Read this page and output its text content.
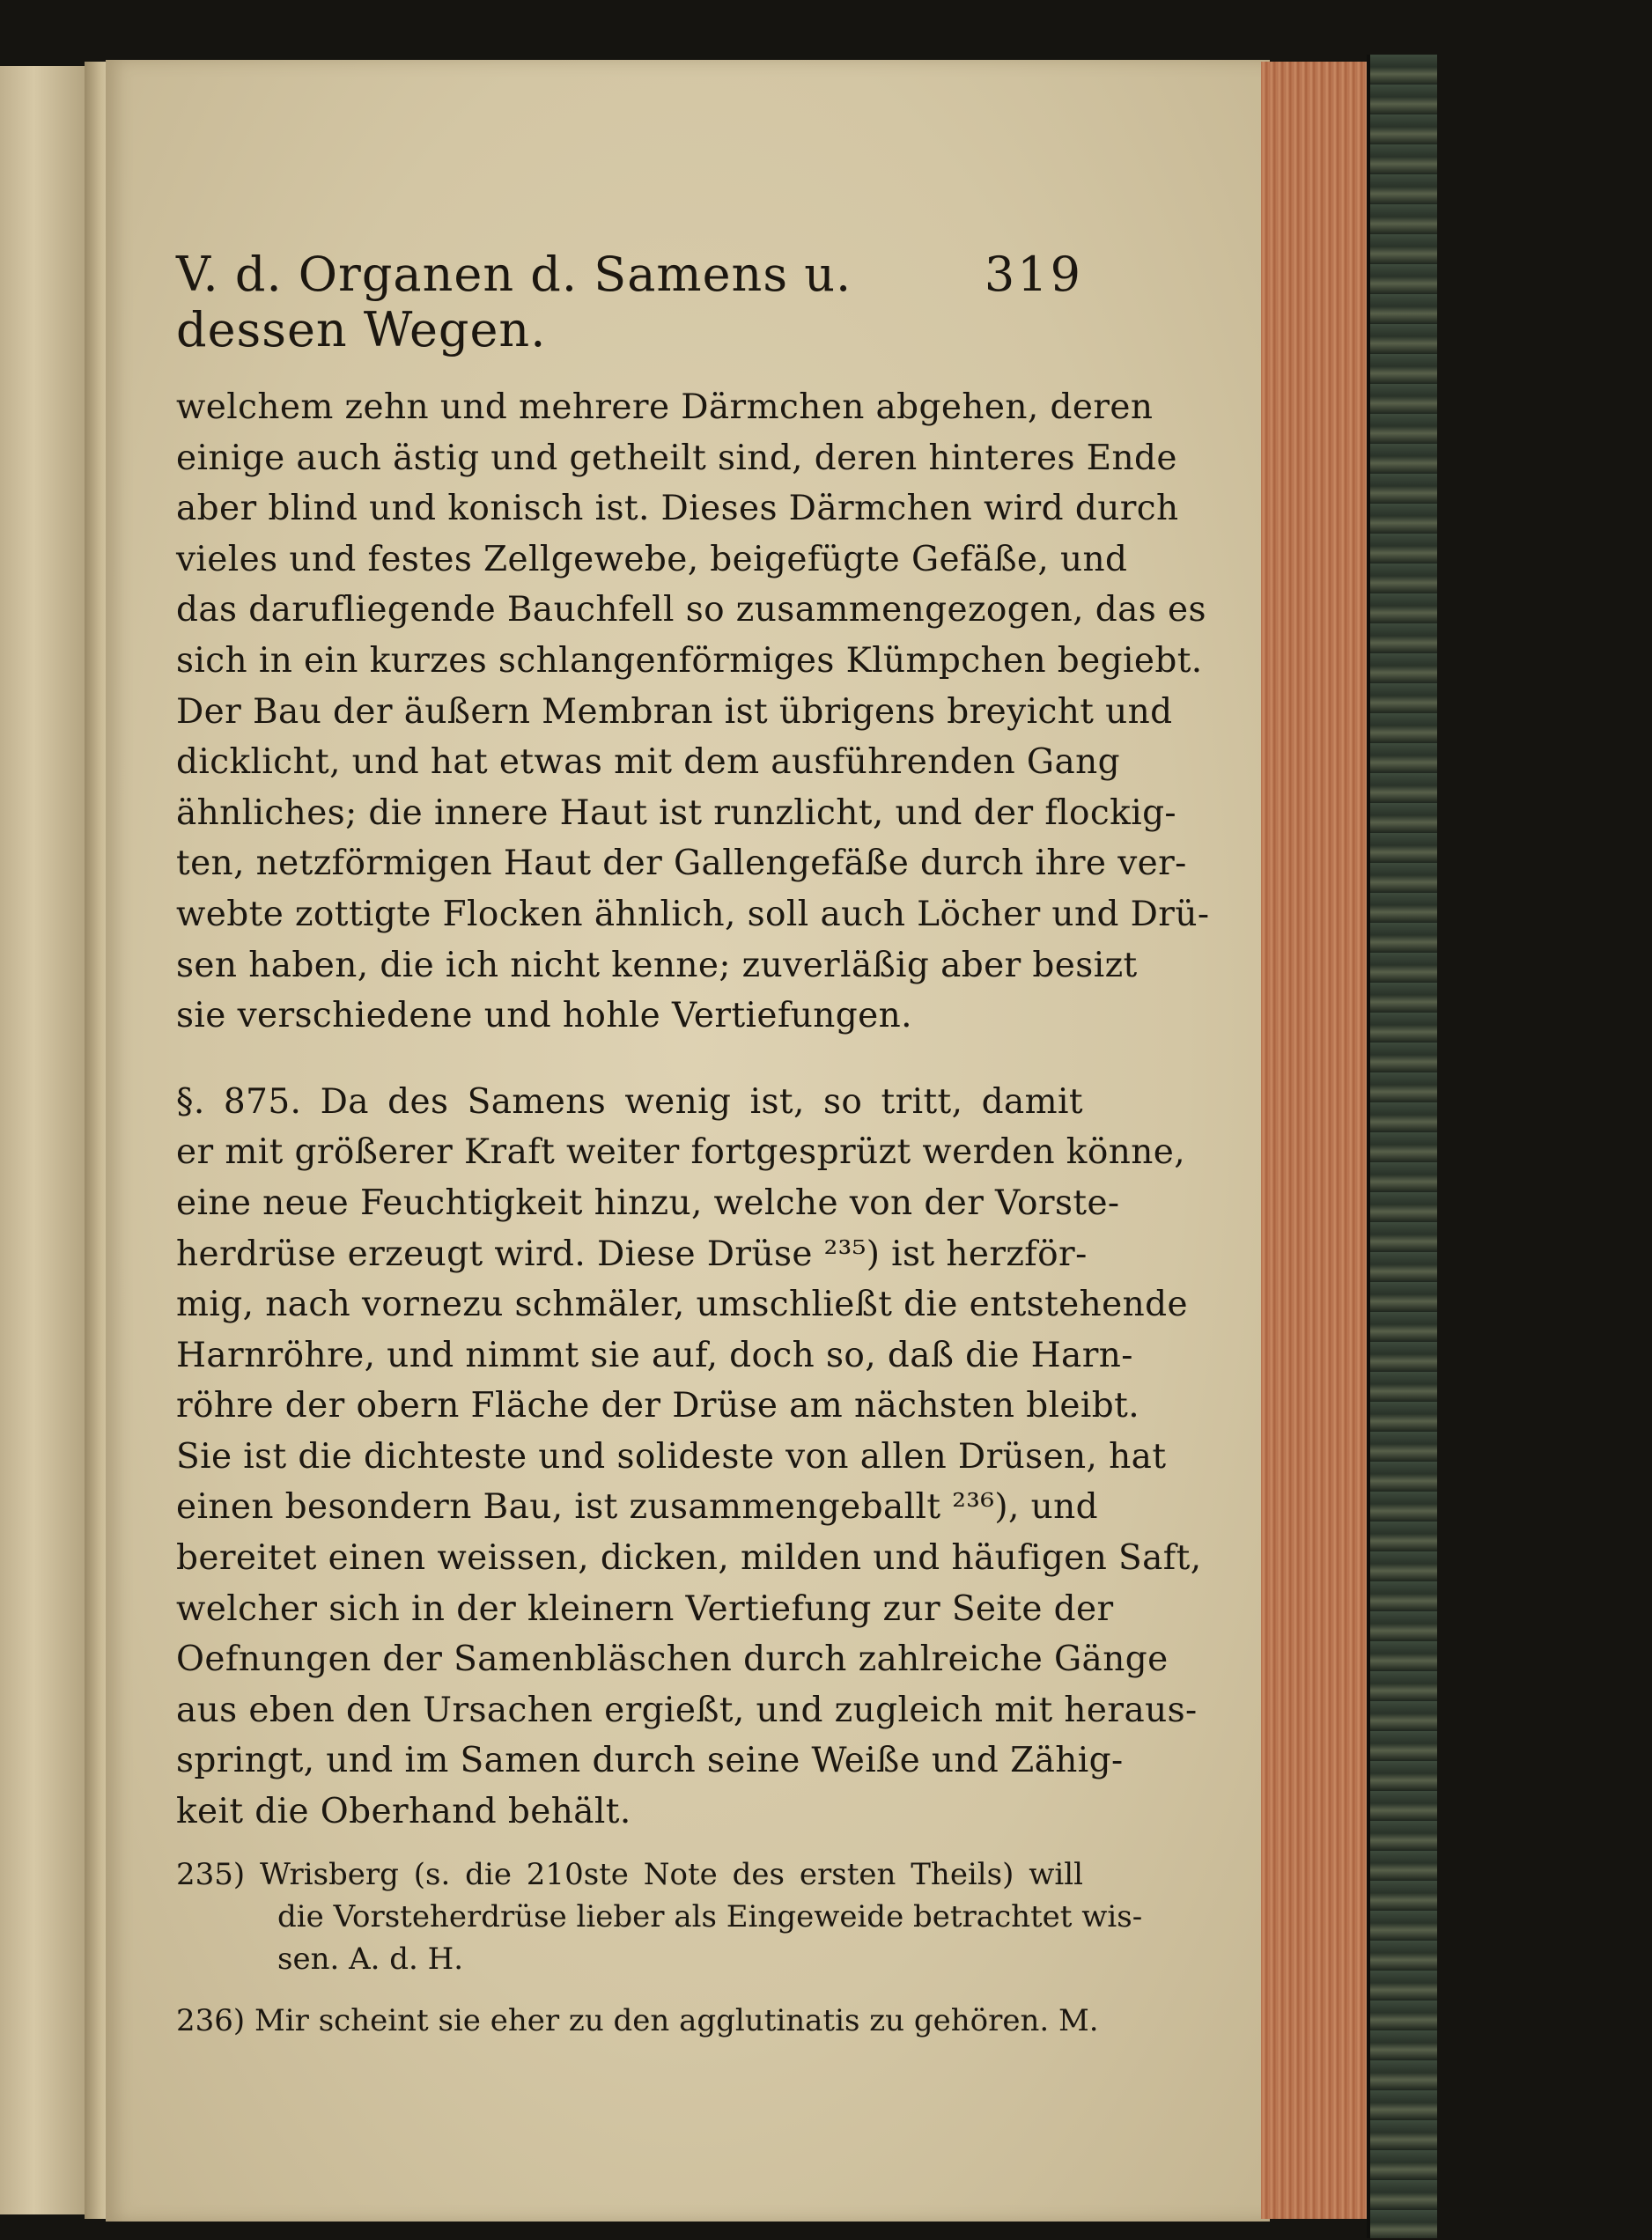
V. d. Organen d. Samens u. dessen Wegen.
319
welchem zehn und mehrere Därmchen abgehen, deren
einige auch ästig und getheilt sind, deren hinteres Ende
aber blind und konisch ist. Dieses Därmchen wird durch
vieles und festes Zellgewebe, beigefügte Gefäße, und
das darufliegende Bauchfell so zusammengezogen, das es
sich in ein kurzes schlangenförmiges Klümpchen begiebt.
Der Bau der äußern Membran ist übrigens breyicht und
dicklicht, und hat etwas mit dem ausführenden Gang
ähnliches; die innere Haut ist runzlicht, und der flockig-
ten, netzförmigen Haut der Gallengefäße durch ihre ver-
webte zottigte Flocken ähnlich, soll auch Löcher und Drü-
sen haben, die ich nicht kenne; zuverläßig aber besizt
sie verschiedene und hohle Vertiefungen.
§. 875. Da des Samens wenig ist, so tritt, damit
er mit größerer Kraft weiter fortgesprüzt werden könne,
eine neue Feuchtigkeit hinzu, welche von der Vorste-
herdrüse erzeugt wird. Diese Drüse ²³⁵) ist herzför-
mig, nach vornezu schmäler, umschließt die entstehende
Harnröhre, und nimmt sie auf, doch so, daß die Harn-
röhre der obern Fläche der Drüse am nächsten bleibt.
Sie ist die dichteste und solideste von allen Drüsen, hat
einen besondern Bau, ist zusammengeballt ²³⁶), und
bereitet einen weissen, dicken, milden und häufigen Saft,
welcher sich in der kleinern Vertiefung zur Seite der
Oefnungen der Samenbläschen durch zahlreiche Gänge
aus eben den Ursachen ergießt, und zugleich mit heraus-
springt, und im Samen durch seine Weiße und Zähig-
keit die Oberhand behält.
235) Wrisberg (s. die 210ste Note des ersten Theils) will
die Vorsteherdrüse lieber als Eingeweide betrachtet wis-
sen. A. d. H.
236) Mir scheint sie eher zu den agglutinatis zu gehören. M.
